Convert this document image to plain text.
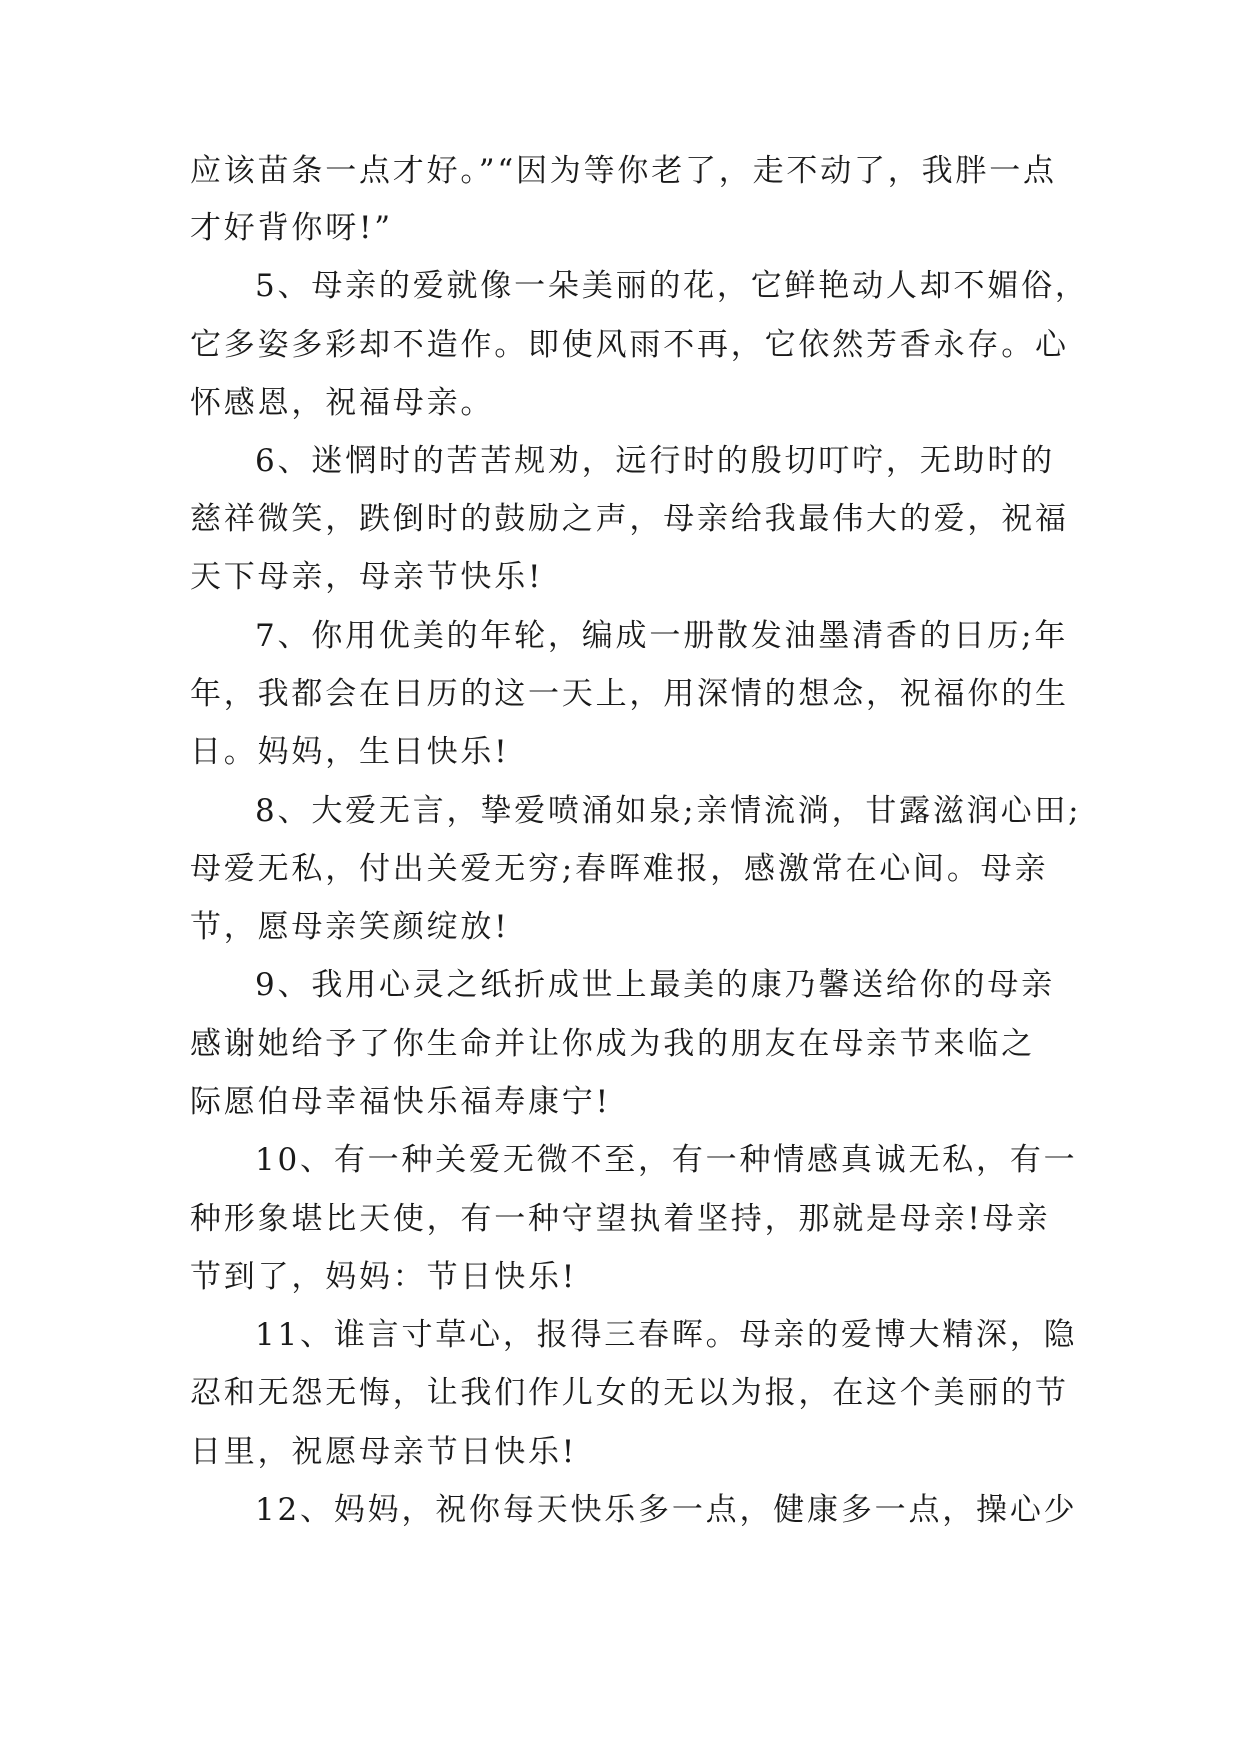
应该苗条一点才好。”“因为等你老了，走不动了，我胖一点

才好背你呀!”

5、母亲的爱就像一朵美丽的花，它鲜艳动人却不媚俗，

它多姿多彩却不造作。即使风雨不再，它依然芳香永存。心

怀感恩，祝福母亲。

6、迷惘时的苦苦规劝，远行时的殷切叮咛，无助时的

慈祥微笑，跌倒时的鼓励之声，母亲给我最伟大的爱，祝福

天下母亲，母亲节快乐!

7、你用优美的年轮，编成一册散发油墨清香的日历;年

年，我都会在日历的这一天上，用深情的想念，祝福你的生

日。妈妈，生日快乐!

8、大爱无言，挚爱喷涌如泉;亲情流淌，甘露滋润心田;

母爱无私，付出关爱无穷;春晖难报，感激常在心间。母亲

节，愿母亲笑颜绽放!

9、我用心灵之纸折成世上最美的康乃馨送给你的母亲

感谢她给予了你生命并让你成为我的朋友在母亲节来临之

际愿伯母幸福快乐福寿康宁!

10、有一种关爱无微不至，有一种情感真诚无私，有一

种形象堪比天使，有一种守望执着坚持，那就是母亲!母亲

节到了，妈妈：节日快乐!

11、谁言寸草心，报得三春晖。母亲的爱博大精深，隐

忍和无怨无悔，让我们作儿女的无以为报，在这个美丽的节

日里，祝愿母亲节日快乐!

12、妈妈，祝你每天快乐多一点，健康多一点，操心少
